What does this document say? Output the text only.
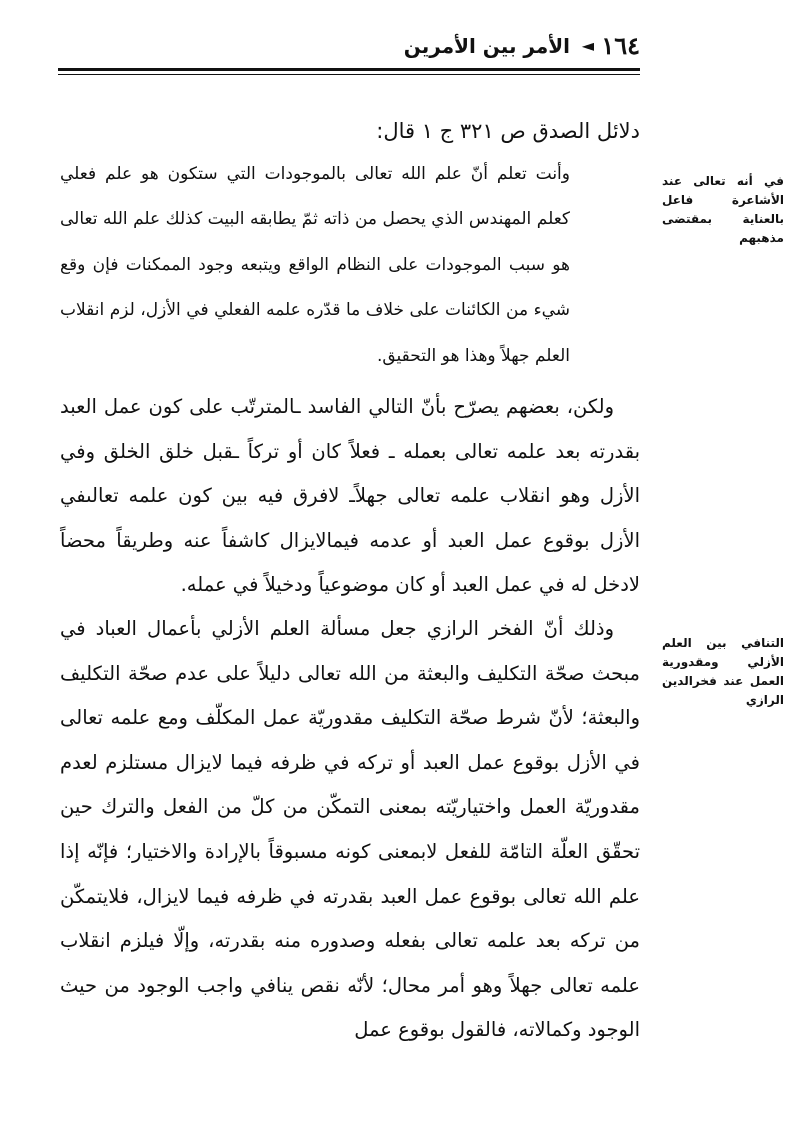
١٦٤
◄
الأمر بين الأمرين
دلائل الصدق ص ٣٢١ ج ١ قال:
وأنت تعلم أنّ علم الله تعالى بالموجودات التي ستكون هو علم فعلي كعلم المهندس الذي يحصل من ذاته ثمّ يطابقه البيت كذلك علم الله تعالى هو سبب الموجودات على النظام الواقع ويتبعه وجود الممكنات فإن وقع شيء من الكائنات على خلاف ما قدّره علمه الفعلي في الأزل، لزم انقلاب العلم جهلاً وهذا هو التحقيق.
ولكن، بعضهم يصرّح بأنّ التالي الفاسد ـالمترتّب على كون عمل العبد بقدرته بعد علمه تعالى بعمله ـ فعلاً كان أو تركاً ـقبل خلق الخلق وفي الأزل وهو انقلاب علمه تعالى جهلاًـ لافرق فيه بين كون علمه تعالىفي الأزل بوقوع عمل العبد أو عدمه فيمالايزال كاشفاً عنه وطريقاً محضاً لادخل له في عمل العبد أو كان موضوعياً ودخيلاً في عمله.
وذلك أنّ الفخر الرازي جعل مسألة العلم الأزلي بأعمال العباد في مبحث صحّة التكليف والبعثة من الله تعالى دليلاً على عدم صحّة التكليف والبعثة؛ لأنّ شرط صحّة التكليف مقدوريّة عمل المكلّف ومع علمه تعالى في الأزل بوقوع عمل العبد أو تركه في ظرفه فيما لايزال مستلزم لعدم مقدوريّة العمل واختياريّته بمعنى التمكّن من كلّ من الفعل والترك حين تحقّق العلّة التامّة للفعل لابمعنى كونه مسبوقاً بالإرادة والاختيار؛ فإنّه إذا علم الله تعالى بوقوع عمل العبد بقدرته في ظرفه فيما لايزال، فلايتمكّن من تركه بعد علمه تعالى بفعله وصدوره منه بقدرته، وإلّا فيلزم انقلاب علمه تعالى جهلاً وهو أمر محال؛ لأنّه نقص ينافي واجب الوجود من حيث الوجود وكمالاته، فالقول بوقوع عمل
في أنه تعالى عند الأشاعرة فاعل بالعناية بمقتضى مذهبهم
التنافي بين العلم الأزلي ومقدورية العمل عند فخرالدين الرازي
